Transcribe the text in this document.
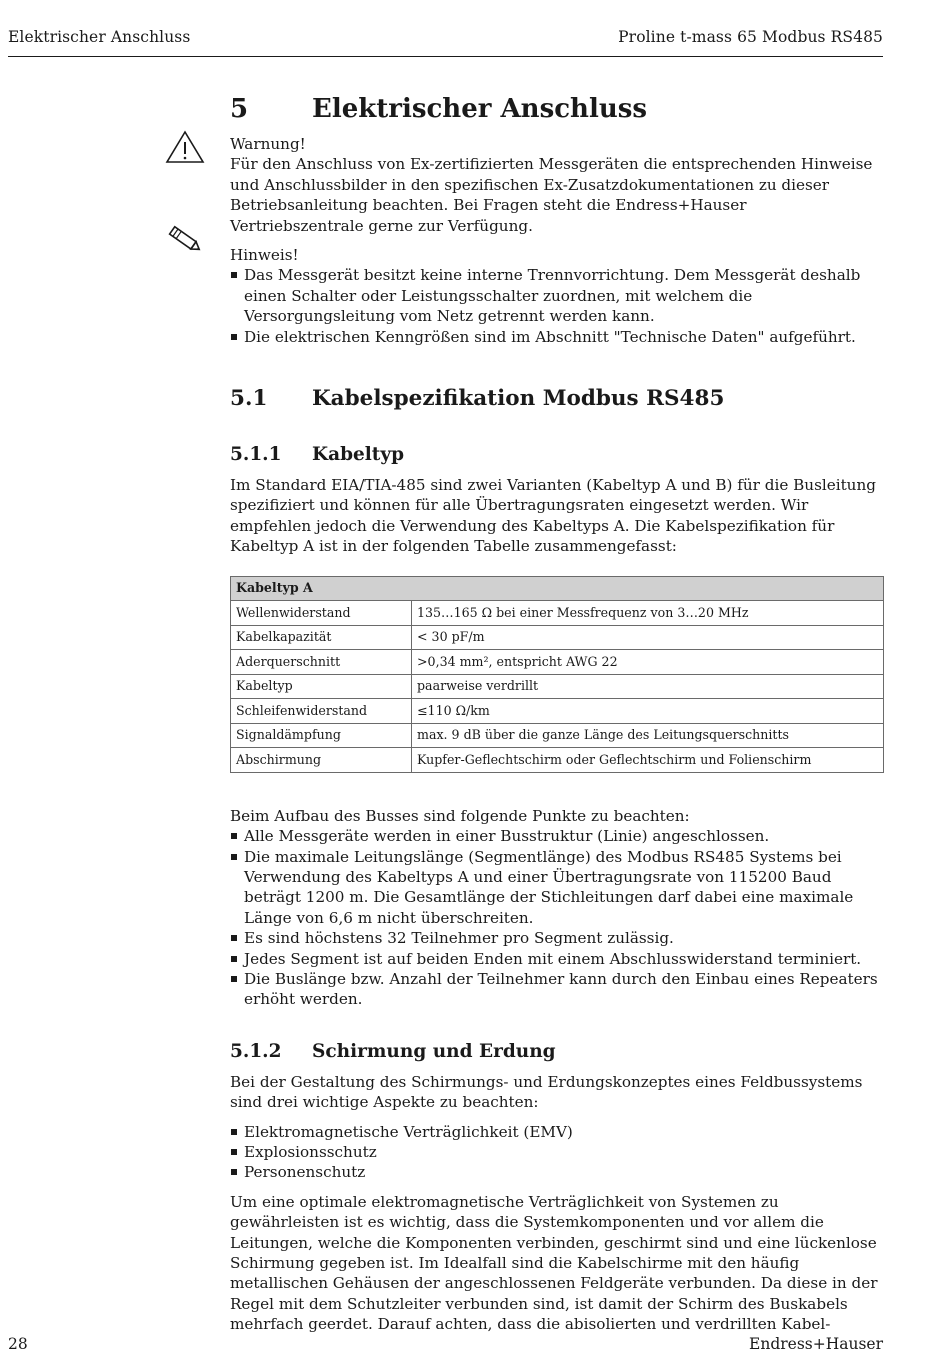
Elektrischer Anschluss	Proline t-mass 65 Modbus RS485
5	Elektrischer Anschluss

Warnung!

Für den Anschluss von Ex-zertifizierten Messgeräten die entsprechenden Hinweise und Anschlussbilder in den spezifischen Ex-Zusatzdokumentationen zu dieser Betriebsanleitung beachten. Bei Fragen steht die Endress+Hauser Vertriebszentrale gerne zur Verfügung.

Hinweis!

Das Messgerät besitzt keine interne Trennvorrichtung. Dem Messgerät deshalb einen Schalter oder Leistungsschalter zuordnen, mit welchem die Versorgungsleitung vom Netz getrennt werden kann.
Die elektrischen Kenngrößen sind im Abschnitt "Technische Daten" aufgeführt.
5.1	Kabelspezifikation Modbus RS485
5.1.1	Kabeltyp

Im Standard EIA/TIA-485 sind zwei Varianten (Kabeltyp A und B) für die Busleitung spezifiziert und können für alle Übertragungsraten eingesetzt werden. Wir empfehlen jedoch die Verwendung des Kabeltyps A. Die Kabelspezifikation für Kabeltyp A ist in der folgenden Tabelle zusammengefasst:

Kabeltyp A	
Wellenwiderstand	135…165 Ω bei einer Messfrequenz von 3…20 MHz
Kabelkapazität	< 30 pF/m
Aderquerschnitt	>0,34 mm², entspricht AWG 22
Kabeltyp	paarweise verdrillt
Schleifenwiderstand	≤110 Ω/km
Signaldämpfung	max. 9 dB über die ganze Länge des Leitungsquerschnitts
Abschirmung	Kupfer-Geflechtschirm oder Geflechtschirm und Folienschirm

Beim Aufbau des Busses sind folgende Punkte zu beachten:

Alle Messgeräte werden in einer Busstruktur (Linie) angeschlossen.
Die maximale Leitungslänge (Segmentlänge) des Modbus RS485 Systems bei Verwendung des Kabeltyps A und einer Übertragungsrate von 115200 Baud beträgt 1200 m. Die Gesamtlänge der Stichleitungen darf dabei eine maximale Länge von 6,6 m nicht überschreiten.
Es sind höchstens 32 Teilnehmer pro Segment zulässig.
Jedes Segment ist auf beiden Enden mit einem Abschlusswiderstand terminiert.
Die Buslänge bzw. Anzahl der Teilnehmer kann durch den Einbau eines Repeaters erhöht werden.
5.1.2	Schirmung und Erdung

Bei der Gestaltung des Schirmungs- und Erdungskonzeptes eines Feldbussystems sind drei wichtige Aspekte zu beachten:

Elektromagnetische Verträglichkeit (EMV)
Explosionsschutz
Personenschutz

Um eine optimale elektromagnetische Verträglichkeit von Systemen zu gewährleisten ist es wichtig, dass die Systemkomponenten und vor allem die Leitungen, welche die Komponenten verbinden, geschirmt sind und eine lückenlose Schirmung gegeben ist. Im Idealfall sind die Kabelschirme mit den häufig metallischen Gehäusen der angeschlossenen Feldgeräte verbunden. Da diese in der Regel mit dem Schutzleiter verbunden sind, ist damit der Schirm des Buskabels mehrfach geerdet. Darauf achten, dass die abisolierten und verdrillten Kabel-

28	Endress+Hauser
